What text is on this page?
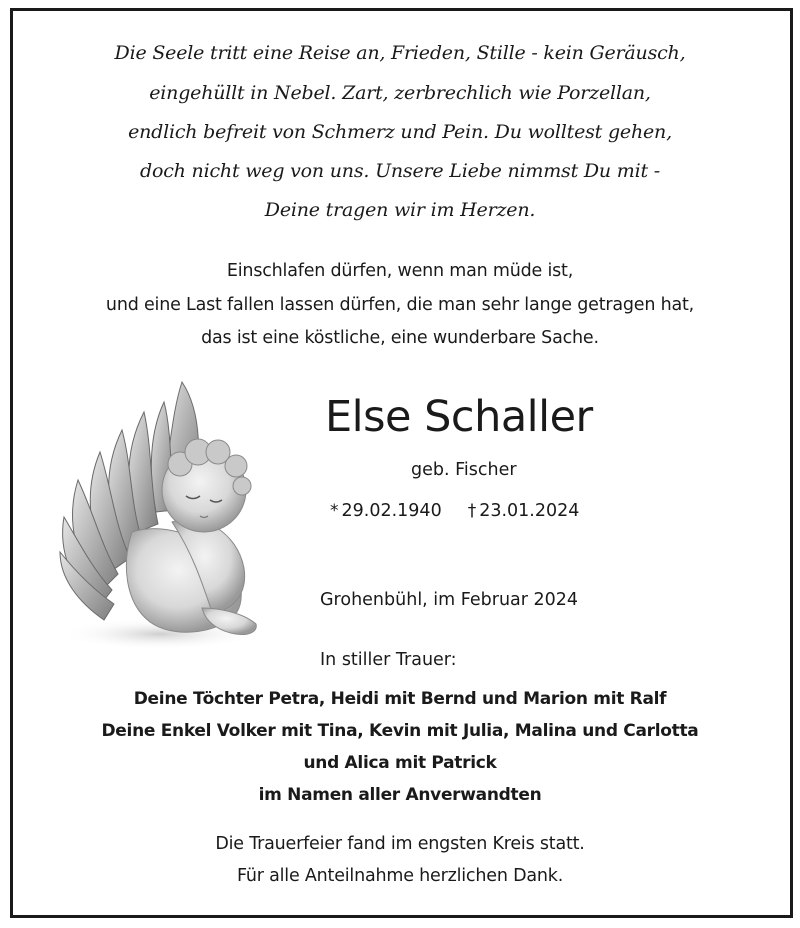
Die Seele tritt eine Reise an, Frieden, Stille - kein Geräusch,
eingehüllt in Nebel. Zart, zerbrechlich wie Porzellan,
endlich befreit von Schmerz und Pein. Du wolltest gehen,
doch nicht weg von uns. Unsere Liebe nimmst Du mit -
Deine tragen wir im Herzen.
Einschlafen dürfen, wenn man müde ist,
und eine Last fallen lassen dürfen, die man sehr lange getragen hat,
das ist eine köstliche, eine wunderbare Sache.
Else Schaller
geb. Fischer
* 29.02.1940 † 23.01.2024
Grohenbühl, im Februar 2024
In stiller Trauer:
Deine Töchter Petra, Heidi mit Bernd und Marion mit Ralf
Deine Enkel Volker mit Tina, Kevin mit Julia, Malina und Carlotta
und Alica mit Patrick
im Namen aller Anverwandten
Die Trauerfeier fand im engsten Kreis statt.
Für alle Anteilnahme herzlichen Dank.
